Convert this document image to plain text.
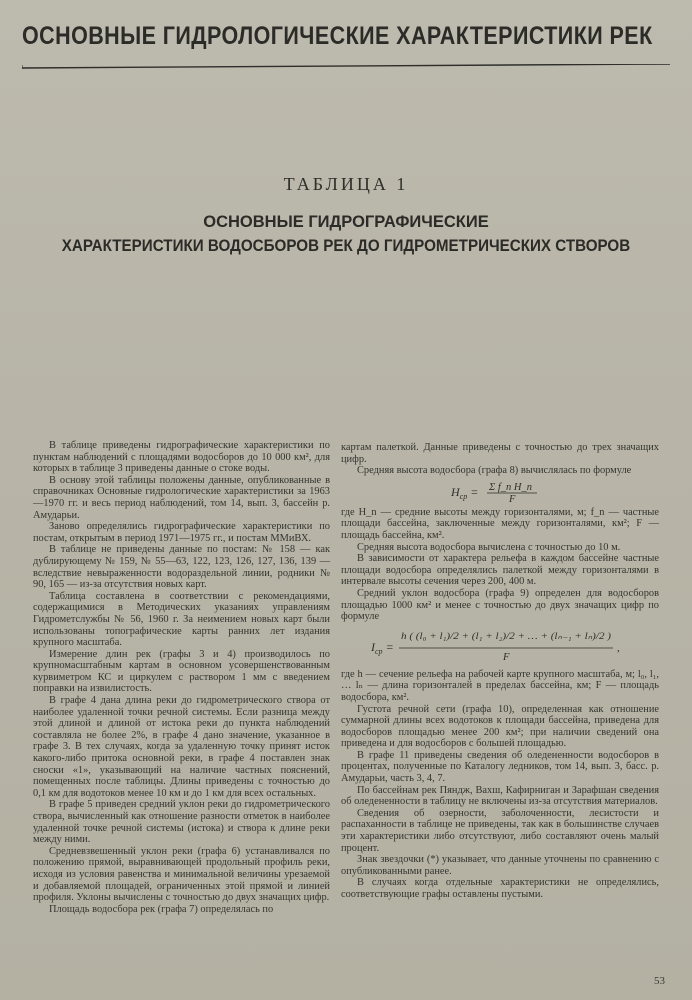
ОСНОВНЫЕ ГИДРОЛОГИЧЕСКИЕ ХАРАКТЕРИСТИКИ РЕК
ТАБЛИЦА 1
ОСНОВНЫЕ ГИДРОГРАФИЧЕСКИЕ
ХАРАКТЕРИСТИКИ ВОДОСБОРОВ РЕК ДО ГИДРОМЕТРИЧЕСКИХ СТВОРОВ

В таблице приведены гидрографические характеристики по пунктам наблюдений с площадями водосборов до 10 000 км², для которых в таблице 3 приведены данные о стоке воды.

В основу этой таблицы положены данные, опубликованные в справочниках Основные гидрологические характеристики за 1963—1970 гг. и весь период наблюдений, том 14, вып. 3, бассейн р. Амударьи.

Заново определялись гидрографические характеристики по постам, открытым в период 1971—1975 гг., и постам ММиВХ.

В таблице не приведены данные по постам: № 158 — как дублирующему № 159, № 55—63, 122, 123, 126, 127, 136, 139 — вследствие невыраженности водораздельной линии, родники № 90, 165 — из-за отсутствия новых карт.

Таблица составлена в соответствии с рекомендациями, содержащимися в Методических указаниях управлениям Гидрометслужбы № 56, 1960 г. За неимением новых карт были использованы топографические карты ранних лет издания крупного масштаба.

Измерение длин рек (графы 3 и 4) производилось по крупномасштабным картам в основном усовершенствованным курвиметром КС и циркулем с раствором 1 мм с введением поправки на извилистость.

В графе 4 дана длина реки до гидрометрического створа от наиболее удаленной точки речной системы. Если разница между этой длиной и длиной от истока реки до пункта наблюдений составляла не более 2%, в графе 4 дано значение, указанное в графе 3. В тех случаях, когда за удаленную точку принят исток какого-либо притока основной реки, в графе 4 поставлен знак сноски «1», указывающий на наличие частных пояснений, помещенных после таблицы. Длины приведены с точностью до 0,1 км для водотоков менее 10 км и до 1 км для всех остальных.

В графе 5 приведен средний уклон реки до гидрометрического створа, вычисленный как отношение разности отметок в наиболее удаленной точке речной системы (истока) и створа к длине реки между ними.

Средневзвешенный уклон реки (графа 6) устанавливался по положению прямой, выравнивающей продольный профиль реки, исходя из условия равенства и минимальной величины урезаемой и добавляемой площадей, ограниченных этой прямой и линией профиля. Уклоны вычислены с точностью до двух значащих цифр.

Площадь водосбора рек (графа 7) определялась по

картам палеткой. Данные приведены с точностью до трех значащих цифр.

Средняя высота водосбора (графа 8) вычислялась по формуле

$H_{ср} = \Sigma$ f_n H_n
F

где H_n — средние высоты между горизонталями, м; f_n — частные площади бассейна, заключенные между горизонталями, км²; F — площадь бассейна, км².

Средняя высота водосбора вычислена с точностью до 10 м.

В зависимости от характера рельефа в каждом бассейне частные площади водосбора определялись палеткой между горизонталями в интервале высоты сечения через 200, 400 м.

Средний уклон водосбора (графа 9) определен для водосборов площадью 1000 км² и менее с точностью до двух значащих цифр по формуле

$I_{ср}$ =
h ( (l₀ + l₁)/2 + (l₁ + l₂)/2 + … + (lₙ₋₁ + lₙ)/2 )
F
,

где h — сечение рельефа на рабочей карте крупного масштаба, м; l₀, l₁, … lₙ — длина горизонталей в пределах бассейна, км; F — площадь водосбора, км².

Густота речной сети (графа 10), определенная как отношение суммарной длины всех водотоков к площади бассейна, приведена для водосборов площадью менее 200 км²; при наличии сведений она приведена и для водосборов с большей площадью.

В графе 11 приведены сведения об оледененности водосборов в процентах, полученные по Каталогу ледников, том 14, вып. 3, басс. р. Амударьи, часть 3, 4, 7.

По бассейнам рек Пяндж, Вахш, Кафирниган и Зарафшан сведения об оледененности в таблицу не включены из-за отсутствия материалов.

Сведения об озерности, заболоченности, лесистости и распаханности в таблице не приведены, так как в большинстве случаев эти характеристики либо отсутствуют, либо составляют очень малый процент.

Знак звездочки (*) указывает, что данные уточнены по сравнению с опубликованными ранее.

В случаях когда отдельные характеристики не определялись, соответствующие графы оставлены пустыми.

53
